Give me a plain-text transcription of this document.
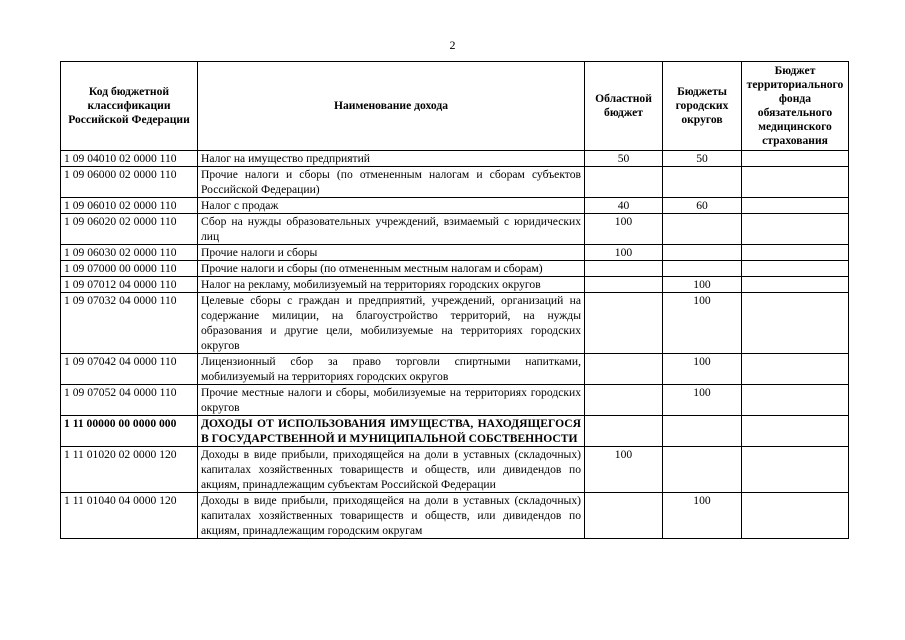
2
Код бюджетной классификации Российской Федерации	Наименование дохода	Областной бюджет	Бюджеты городских округов	Бюджет территориального фонда обязательного медицинского страхования
1 09 04010 02 0000 110	Налог на имущество предприятий	50	50	
1 09 06000 02 0000 110	Прочие налоги и сборы (по отмененным налогам и сборам субъектов Российской Федерации)			
1 09 06010 02 0000 110	Налог с продаж	40	60	
1 09 06020 02 0000 110	Сбор на нужды образовательных учреждений, взимаемый с юридических лиц	100		
1 09 06030 02 0000 110	Прочие налоги и сборы	100		
1 09 07000 00 0000 110	Прочие налоги и сборы (по отмененным местным налогам и сборам)			
1 09 07012 04 0000 110	Налог на рекламу, мобилизуемый на территориях городских округов		100	
1 09 07032 04 0000 110	Целевые сборы с граждан и предприятий, учреждений, организаций на содержание милиции, на благоустройство территорий, на нужды образования и другие цели, мобилизуемые на территориях городских округов		100	
1 09 07042 04 0000 110	Лицензионный сбор за право торговли спиртными напитками, мобилизуемый на территориях городских округов		100	
1 09 07052 04 0000 110	Прочие местные налоги и сборы, мобилизуемые на территориях городских округов		100	
1 11 00000 00 0000 000	ДОХОДЫ ОТ ИСПОЛЬЗОВАНИЯ ИМУЩЕСТВА, НАХОДЯЩЕГОСЯ В ГОСУДАРСТВЕННОЙ И МУНИЦИПАЛЬНОЙ СОБСТВЕННОСТИ			
1 11 01020 02 0000 120	Доходы в виде прибыли, приходящейся на доли в уставных (складочных) капиталах хозяйственных товариществ и обществ, или дивидендов по акциям, принадлежащим субъектам Российской Федерации	100		
1 11 01040 04 0000 120	Доходы в виде прибыли, приходящейся на доли в уставных (складочных) капиталах хозяйственных товариществ и обществ, или дивидендов по акциям, принадлежащим городским округам		100	
